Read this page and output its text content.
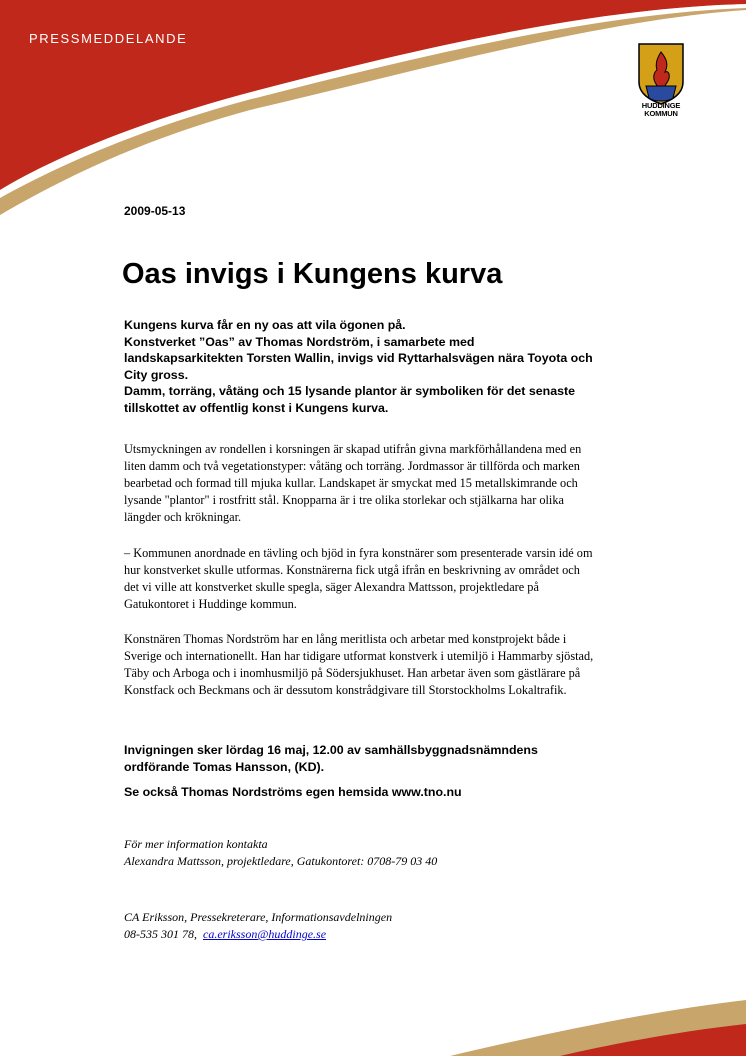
PRESSMEDDELANDE
HUDDINGE
KOMMUN
2009-05-13
Oas invigs i Kungens kurva

Kungens kurva får en ny oas att vila ögonen på.

Konstverket ”Oas” av Thomas Nordström, i samarbete med landskapsarkitekten Torsten Wallin, invigs vid Ryttarhalsvägen nära Toyota och City gross.

Damm, torräng, våtäng och 15 lysande plantor är symboliken för det senaste tillskottet av offentlig konst i Kungens kurva.

Utsmyckningen av rondellen i korsningen är skapad utifrån givna markförhållandena med en liten damm och två vegetationstyper: våtäng och torräng. Jordmassor är tillförda och marken bearbetad och formad till mjuka kullar. Landskapet är smyckat med 15 metallskimrande och lysande "plantor" i rostfritt stål. Knopparna är i tre olika storlekar och stjälkarna har olika längder och krökningar.

– Kommunen anordnade en tävling och bjöd in fyra konstnärer som presenterade varsin idé om hur konstverket skulle utformas. Konstnärerna fick utgå ifrån en beskrivning av området och det vi ville att konstverket skulle spegla, säger Alexandra Mattsson, projektledare på Gatukontoret i Huddinge kommun.

Konstnären Thomas Nordström har en lång meritlista och arbetar med konstprojekt både i Sverige och internationellt. Han har tidigare utformat konstverk i utemiljö i Hammarby sjöstad, Täby och Arboga och i inomhusmiljö på Södersjukhuset. Han arbetar även som gästlärare på Konstfack och Beckmans och är dessutom konstrådgivare till Storstockholms Lokaltrafik.

Invigningen sker lördag 16 maj, 12.00 av samhällsbyggnadsnämndens ordförande Tomas Hansson, (KD).

Se också Thomas Nordströms egen hemsida www.tno.nu

För mer information kontakta
Alexandra Mattsson, projektledare, Gatukontoret: 0708-79 03 40
CA Eriksson, Pressekreterare, Informationsavdelningen
08-535 301 78, ca.eriksson@huddinge.se
